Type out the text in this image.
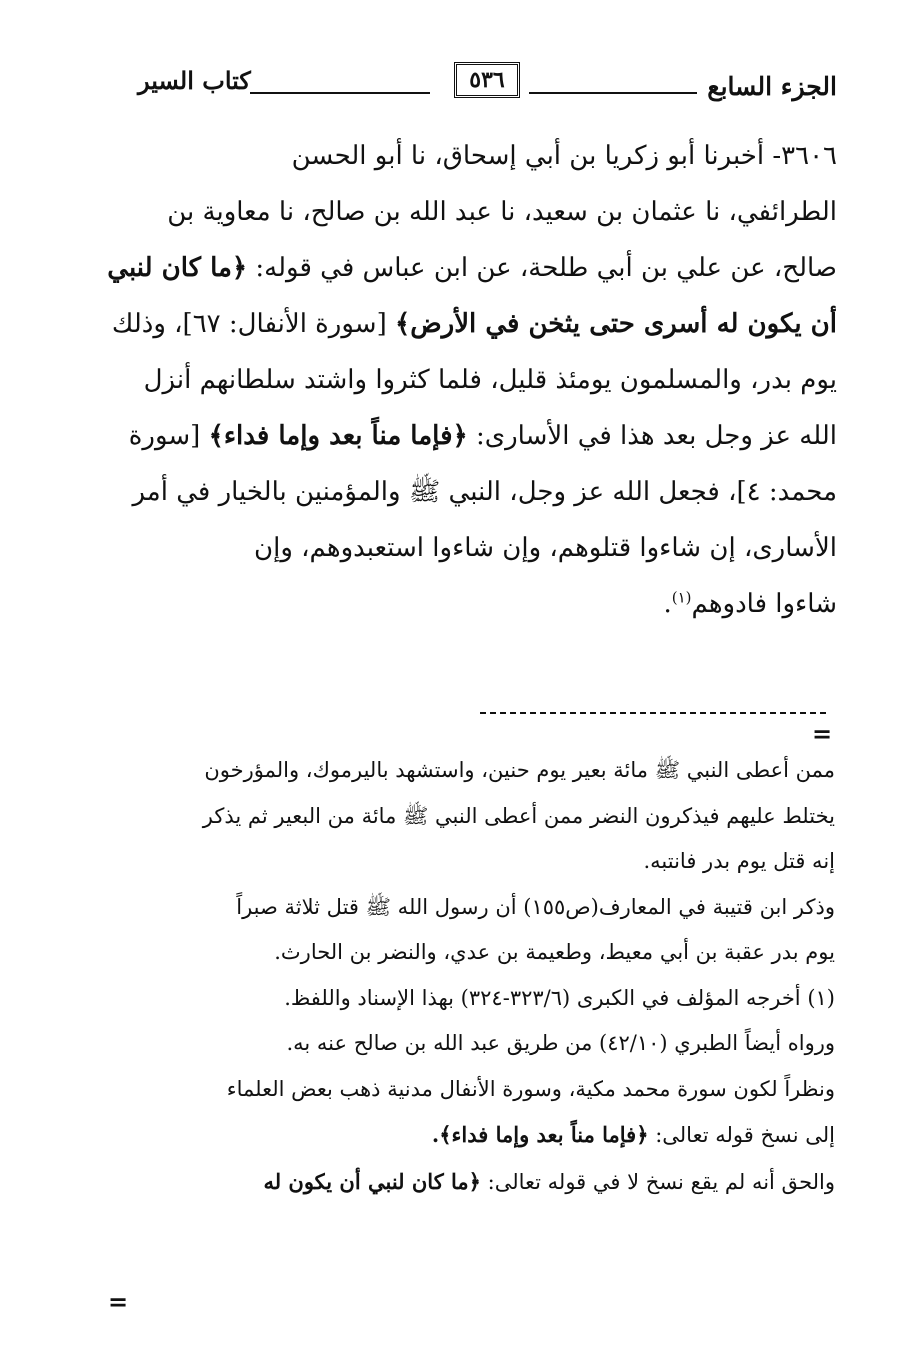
الجزء السابع
٥٣٦
كتاب السير

٣٦٠٦- أخبرنا أبو زكريا بن أبي إسحاق، نا أبو الحسن

الطرائفي، نا عثمان بن سعيد، نا عبد الله بن صالح، نا معاوية بن

صالح، عن علي بن أبي طلحة، عن ابن عباس في قوله: ﴿ما كان لنبي

أن يكون له أسرى حتى يثخن في الأرض﴾ [سورة الأنفال: ٦٧]، وذلك

يوم بدر، والمسلمون يومئذ قليل، فلما كثروا واشتد سلطانهم أنزل

الله عز وجل بعد هذا في الأسارى: ﴿فإما مناً بعد وإما فداء﴾ [سورة

محمد: ٤]، فجعل الله عز وجل، النبي ﷺ والمؤمنين بالخيار في أمر

الأسارى، إن شاءوا قتلوهم، وإن شاءوا استعبدوهم، وإن

شاءوا فادوهم$^{(١)}$.

=

ممن أعطى النبي ﷺ مائة بعير يوم حنين، واستشهد باليرموك، والمؤرخون

يختلط عليهم فيذكرون النضر ممن أعطى النبي ﷺ مائة من البعير ثم يذكر

إنه قتل يوم بدر فانتبه.

وذكر ابن قتيبة في المعارف(ص١٥٥) أن رسول الله ﷺ قتل ثلاثة صبراً

يوم بدر عقبة بن أبي معيط، وطعيمة بن عدي، والنضر بن الحارث.

(١) أخرجه المؤلف في الكبرى (٣٢٣/٦-٣٢٤) بهذا الإسناد واللفظ.

ورواه أيضاً الطبري (٤٢/١٠) من طريق عبد الله بن صالح عنه به.

ونظراً لكون سورة محمد مكية، وسورة الأنفال مدنية ذهب بعض العلماء

إلى نسخ قوله تعالى: ﴿فإما مناً بعد وإما فداء﴾.

والحق أنه لم يقع نسخ لا في قوله تعالى: ﴿ما كان لنبي أن يكون له

=
